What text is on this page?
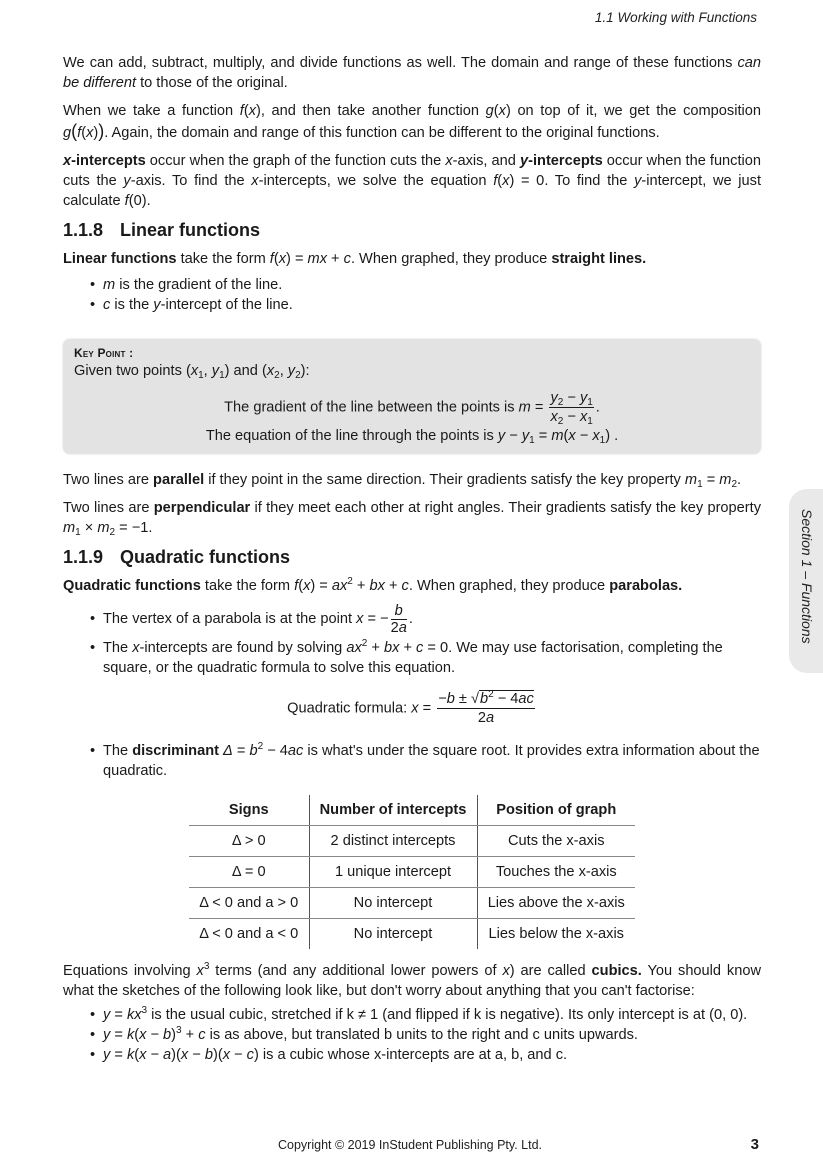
1.1 Working with Functions

We can add, subtract, multiply, and divide functions as well. The domain and range of these functions can be different to those of the original.

When we take a function f(x), and then take another function g(x) on top of it, we get the composition g(f(x)). Again, the domain and range of this function can be different to the original functions.

x-intercepts occur when the graph of the function cuts the x-axis, and y-intercepts occur when the function cuts the y-axis. To find the x-intercepts, we solve the equation f(x) = 0. To find the y-intercept, we just calculate f(0).

1.1.8 Linear functions

Linear functions take the form f(x) = mx + c. When graphed, they produce straight lines.

• m is the gradient of the line.
• c is the y-intercept of the line.
Key Point :
Given two points ($x_1$, $y_1$) and ($x_2$, $y_2$):
The gradient of the line between the points is $m = \frac{y_2 - y_1}{x_2 - x_1}$ .
The equation of the line through the points is $y - y_1 = m(x - x_1)$ .

Two lines are parallel if they point in the same direction. Their gradients satisfy the key property $m_1 = m_2$.

Two lines are perpendicular if they meet each other at right angles. Their gradients satisfy the key property $m_1 \times m_2 = -1$.

1.1.9 Quadratic functions

Quadratic functions take the form $f(x) = ax^2$ + bx + c. When graphed, they produce parabolas.

• The vertex of a parabola is at the point x = − $\frac{b}{2a}$ .
• The x-intercepts are found by solving $ax^2$ + bx + c = 0. We may use factorisation, completing the square, or the quadratic formula to solve this equation.
Quadratic formula: $x = \frac{-b \pm √b^2 - 4ac}{2a}$
• The discriminant $\Delta = b^2 - 4ac$ is what's under the square root. It provides extra information about the quadratic.
Signs	Number of intercepts	Position of graph
Δ > 0	2 distinct intercepts	Cuts the x-axis
Δ = 0	1 unique intercept	Touches the x-axis
Δ < 0 and a > 0	No intercept	Lies above the x-axis
Δ < 0 and a < 0	No intercept	Lies below the x-axis

Equations involving $x^3$ terms (and any additional lower powers of x) are called cubics. You should know what the sketches of the following look like, but don't worry about anything that you can't factorise:

• $y = kx^3$ is the usual cubic, stretched if k ≠ 1 (and flipped if k is negative). Its only intercept is at (0, 0).
• $y = k(x - b)^3 + c$ is as above, but translated b units to the right and c units upwards.
• y = k(x − a)(x − b)(x − c) is a cubic whose x-intercepts are at a, b, and c.
Section 1 – Functions
Copyright © 2019 InStudent Publishing Pty. Ltd.	3
